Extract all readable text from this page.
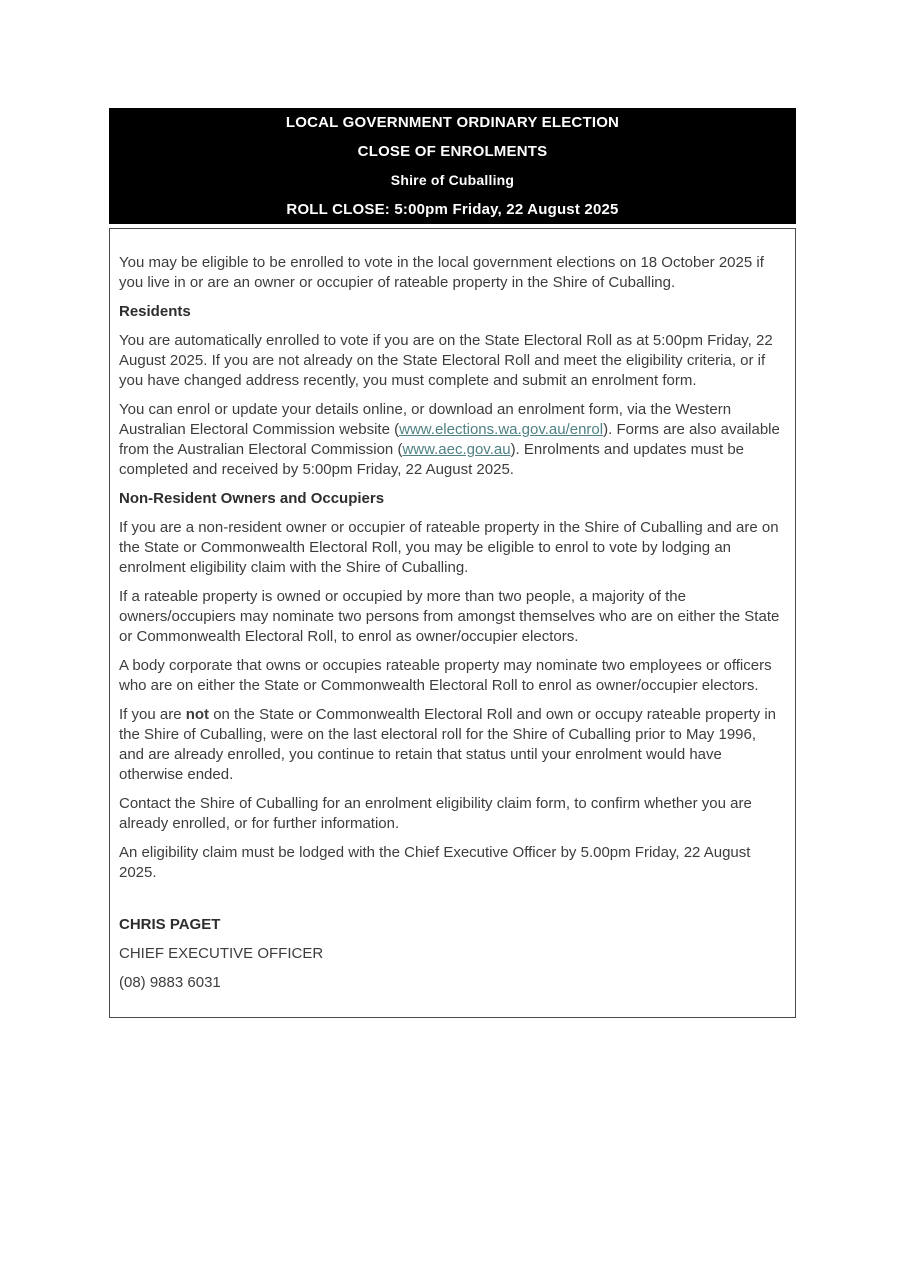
LOCAL GOVERNMENT ORDINARY ELECTION
CLOSE OF ENROLMENTS
Shire of Cuballing
ROLL CLOSE: 5:00pm Friday, 22 August 2025

You may be eligible to be enrolled to vote in the local government elections on 18 October 2025 if you live in or are an owner or occupier of rateable property in the Shire of Cuballing.

Residents

You are automatically enrolled to vote if you are on the State Electoral Roll as at 5:00pm Friday, 22 August 2025. If you are not already on the State Electoral Roll and meet the eligibility criteria, or if you have changed address recently, you must complete and submit an enrolment form.

You can enrol or update your details online, or download an enrolment form, via the Western Australian Electoral Commission website (www.elections.wa.gov.au/enrol). Forms are also available from the Australian Electoral Commission (www.aec.gov.au). Enrolments and updates must be completed and received by 5:00pm Friday, 22 August 2025.

Non-Resident Owners and Occupiers

If you are a non-resident owner or occupier of rateable property in the Shire of Cuballing and are on the State or Commonwealth Electoral Roll, you may be eligible to enrol to vote by lodging an enrolment eligibility claim with the Shire of Cuballing.

If a rateable property is owned or occupied by more than two people, a majority of the owners/occupiers may nominate two persons from amongst themselves who are on either the State or Commonwealth Electoral Roll, to enrol as owner/occupier electors.

A body corporate that owns or occupies rateable property may nominate two employees or officers who are on either the State or Commonwealth Electoral Roll to enrol as owner/occupier electors.

If you are not on the State or Commonwealth Electoral Roll and own or occupy rateable property in the Shire of Cuballing, were on the last electoral roll for the Shire of Cuballing prior to May 1996, and are already enrolled, you continue to retain that status until your enrolment would have otherwise ended.

Contact the Shire of Cuballing for an enrolment eligibility claim form, to confirm whether you are already enrolled, or for further information.

An eligibility claim must be lodged with the Chief Executive Officer by 5.00pm Friday, 22 August 2025.

CHRIS PAGET

CHIEF EXECUTIVE OFFICER

(08) 9883 6031
